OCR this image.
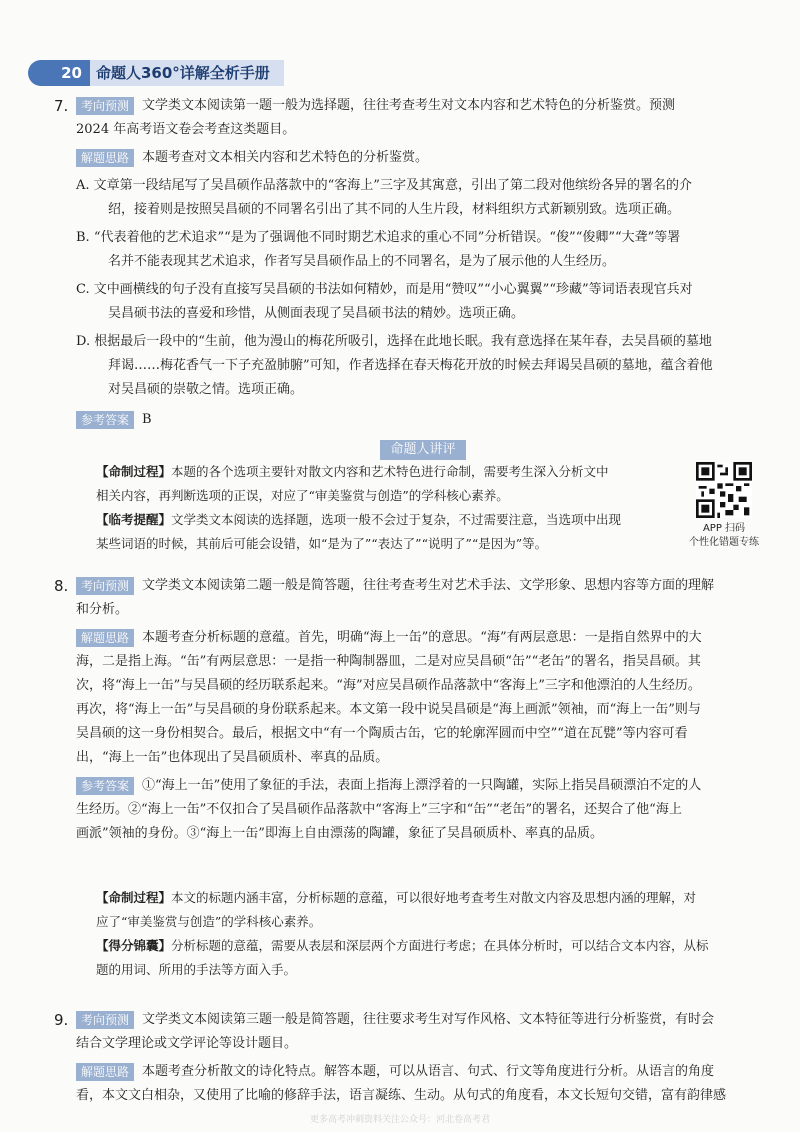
20 命题人360°详解全析手册
7.	考向预测 文学类文本阅读第一题一般为选择题，往往考查考生对文本内容和艺术特色的分析鉴赏。预测

2024 年高考语文卷会考查这类题目。

解题思路 本题考查对文本相关内容和艺术特色的分析鉴赏。

A. 文章第一段结尾写了吴昌硕作品落款中的“客海上”三字及其寓意，引出了第二段对他缤纷各异的署名的介
绍，接着则是按照吴昌硕的不同署名引出了其不同的人生片段，材料组织方式新颖别致。选项正确。

B. “代表着他的艺术追求”“是为了强调他不同时期艺术追求的重心不同”分析错误。“俊”“俊卿”“大聋”等署
名并不能表现其艺术追求，作者写吴昌硕作品上的不同署名，是为了展示他的人生经历。

C. 文中画横线的句子没有直接写吴昌硕的书法如何精妙，而是用“赞叹”“小心翼翼”“珍藏”等词语表现官兵对
吴昌硕书法的喜爱和珍惜，从侧面表现了吴昌硕书法的精妙。选项正确。

D. 根据最后一段中的“生前，他为漫山的梅花所吸引，选择在此地长眠。我有意选择在某年春，去吴昌硕的墓地
拜谒……梅花香气一下子充盈肺腑”可知，作者选择在春天梅花开放的时候去拜谒吴昌硕的墓地，蕴含着他
对吴昌硕的崇敬之情。选项正确。

参考答案 B

命题人讲评

【命制过程】本题的各个选项主要针对散文内容和艺术特色进行命制，需要考生深入分析文中
相关内容，再判断选项的正误，对应了“审美鉴赏与创造”的学科核心素养。

【临考提醒】文学类文本阅读的选择题，选项一般不会过于复杂，不过需要注意，当选项中出现
某些词语的时候，其前后可能会设错，如“是为了”“表达了”“说明了”“是因为”等。

APP 扫码
个性化错题专练
8.	考向预测 文学类文本阅读第二题一般是简答题，往往考查考生对艺术手法、文学形象、思想内容等方面的理解

和分析。

解题思路 本题考查分析标题的意蕴。首先，明确“海上一缶”的意思。“海”有两层意思：一是指自然界中的大
海，二是指上海。“缶”有两层意思：一是指一种陶制器皿，二是对应吴昌硕“缶”“老缶”的署名，指吴昌硕。其
次，将“海上一缶”与吴昌硕的经历联系起来。“海”对应吴昌硕作品落款中“客海上”三字和他漂泊的人生经历。
再次，将“海上一缶”与吴昌硕的身份联系起来。本文第一段中说吴昌硕是“海上画派”领袖，而“海上一缶”则与
吴昌硕的这一身份相契合。最后，根据文中“有一个陶质古缶，它的轮廓浑圆而中空”“道在瓦甓”等内容可看
出，“海上一缶”也体现出了吴昌硕质朴、率真的品质。

参考答案 ①“海上一缶”使用了象征的手法，表面上指海上漂浮着的一只陶罐，实际上指吴昌硕漂泊不定的人
生经历。②“海上一缶”不仅扣合了吴昌硕作品落款中“客海上”三字和“缶”“老缶”的署名，还契合了他“海上
画派”领袖的身份。③“海上一缶”即海上自由漂荡的陶罐，象征了吴昌硕质朴、率真的品质。

【命制过程】本文的标题内涵丰富，分析标题的意蕴，可以很好地考查考生对散文内容及思想内涵的理解，对
应了“审美鉴赏与创造”的学科核心素养。

【得分锦囊】分析标题的意蕴，需要从表层和深层两个方面进行考虑；在具体分析时，可以结合文本内容，从标
题的用词、所用的手法等方面入手。

9.	考向预测 文学类文本阅读第三题一般是简答题，往往要求考生对写作风格、文本特征等进行分析鉴赏，有时会

结合文学理论或文学评论等设计题目。

解题思路 本题考查分析散文的诗化特点。解答本题，可以从语言、句式、行文等角度进行分析。从语言的角度
看，本文文白相杂，又使用了比喻的修辞手法，语言凝练、生动。从句式的角度看，本文长短句交错，富有韵律感

更多高考冲刺资料关注公众号：河北卷高考君
